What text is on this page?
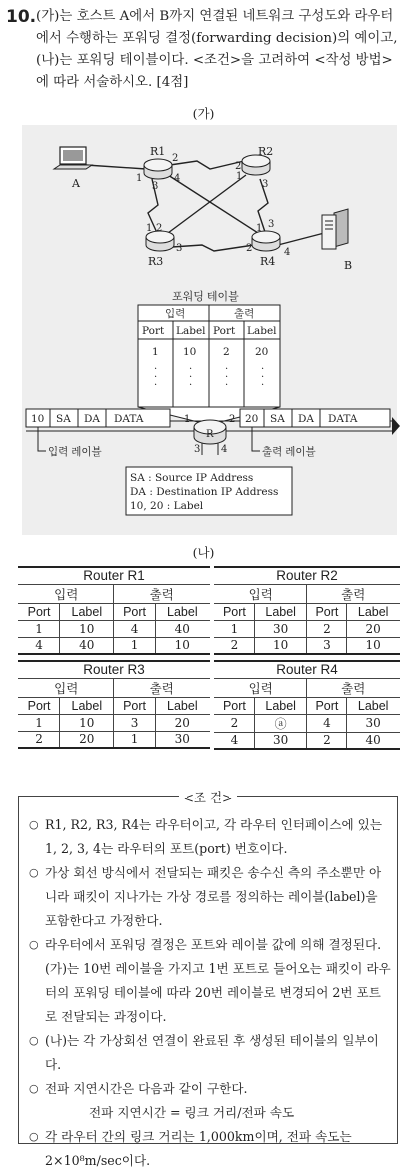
10. (가)는 호스트 A에서 B까지 연결된 네트워크 구성도와 라우터에서 수행하는 포워딩 결정(forwarding decision)의 예이고, (나)는 포워딩 테이블이다. <조건>을 고려하여 <작성 방법>에 따라 서술하시오. [4점]
(가)
A
B
R1	R2
R3	R4
1
2
3
4	1
2
3
1 2
3
1
2
3
4
포워딩 테이블
입력	출력
Port Label Port Label
1 10	2 20
.
.
.
.
.
.
.
.
.
.
.
.
10 SA DA DATA	20 SA DA DATA
R
1	2
3 4
입력 레이블	출력 레이블
SA : Source IP Address
DA : Destination IP Address
10, 20 : Label
(나)
Router R1			
입력		출력	
Port	Label	Port	Label
1	10	4	40
4	40	1	10
Router R2			
입력		출력	
Port	Label	Port	Label
1	30	2	20
2	10	3	10
Router R3			
입력		출력	
Port	Label	Port	Label
1	10	3	20
2	20	1	30
Router R4			
입력		출력	
Port	Label	Port	Label
2	ⓐ	4	30
4	30	2	40
<조 건>
○ R1, R2, R3, R4는 라우터이고, 각 라우터 인터페이스에 있는 1, 2, 3, 4는 라우터의 포트(port) 번호이다.
○ 가상 회선 방식에서 전달되는 패킷은 송수신 측의 주소뿐만 아니라 패킷이 지나가는 가상 경로를 정의하는 레이블(label)을 포함한다고 가정한다.
○ 라우터에서 포워딩 결정은 포트와 레이블 값에 의해 결정된다. (가)는 10번 레이블을 가지고 1번 포트로 들어오는 패킷이 라우터의 포워딩 테이블에 따라 20번 레이블로 변경되어 2번 포트로 전달되는 과정이다.
○ (나)는 각 가상회선 연결이 완료된 후 생성된 테이블의 일부이다.
○ 전파 지연시간은 다음과 같이 구한다.
전파 지연시간 = 링크 거리/전파 속도
○ 각 라우터 간의 링크 거리는 1,000km이며, 전파 속도는 2×10⁸m/sec이다.
